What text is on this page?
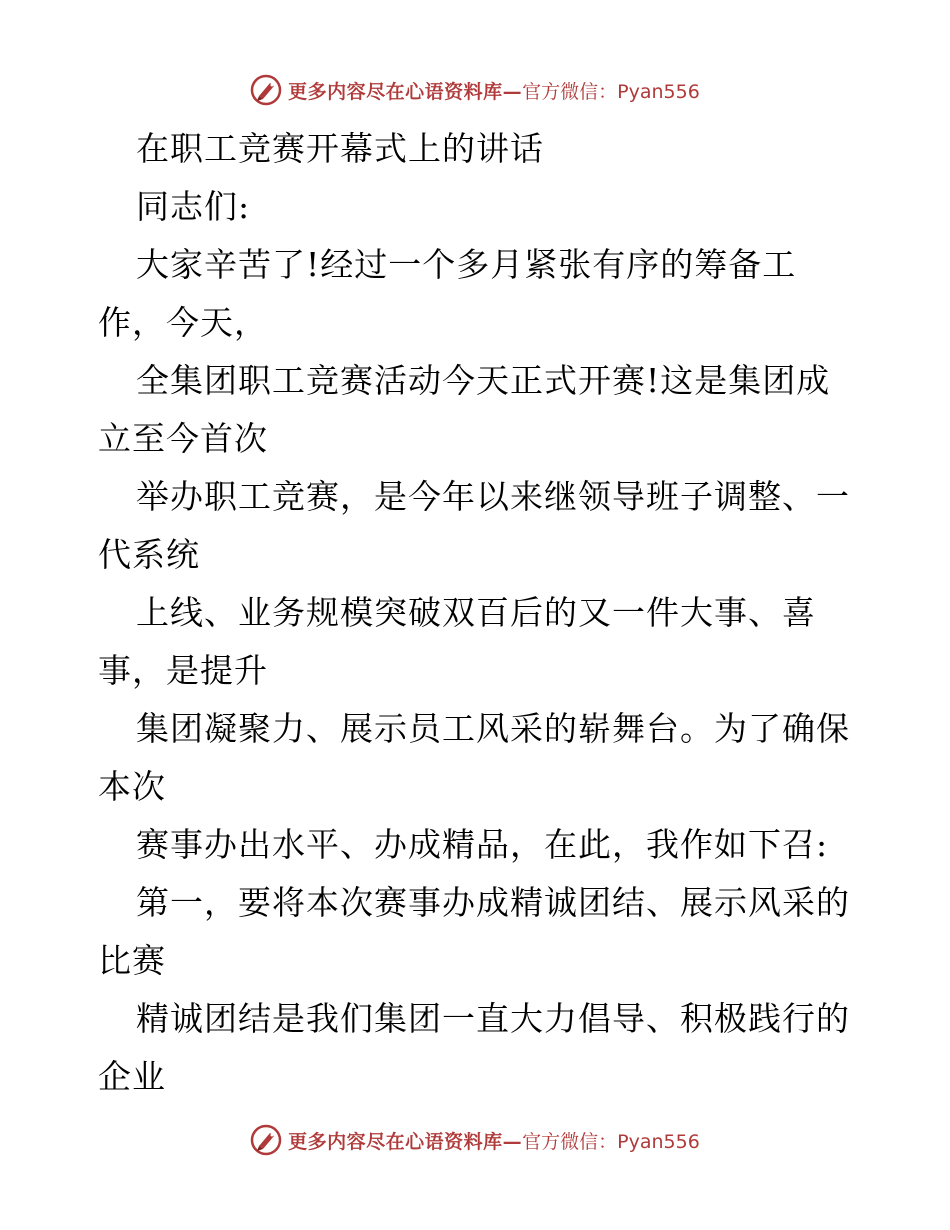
更多内容尽在心语资料库— 官方微信：Pyan556
在职工竞赛开幕式上的讲话
同志们:
大家辛苦了!经过一个多月紧张有序的筹备工
作，今天，
全集团职工竞赛活动今天正式开赛!这是集团成
立至今首次
举办职工竞赛，是今年以来继领导班子调整、一
代系统
上线、业务规模突破双百后的又一件大事、喜
事，是提升
集团凝聚力、展示员工风采的崭舞台。为了确保
本次
赛事办出水平、办成精品，在此，我作如下召:
第一，要将本次赛事办成精诚团结、展示风采的
比赛
精诚团结是我们集团一直大力倡导、积极践行的
企业
更多内容尽在心语资料库— 官方微信：Pyan556
